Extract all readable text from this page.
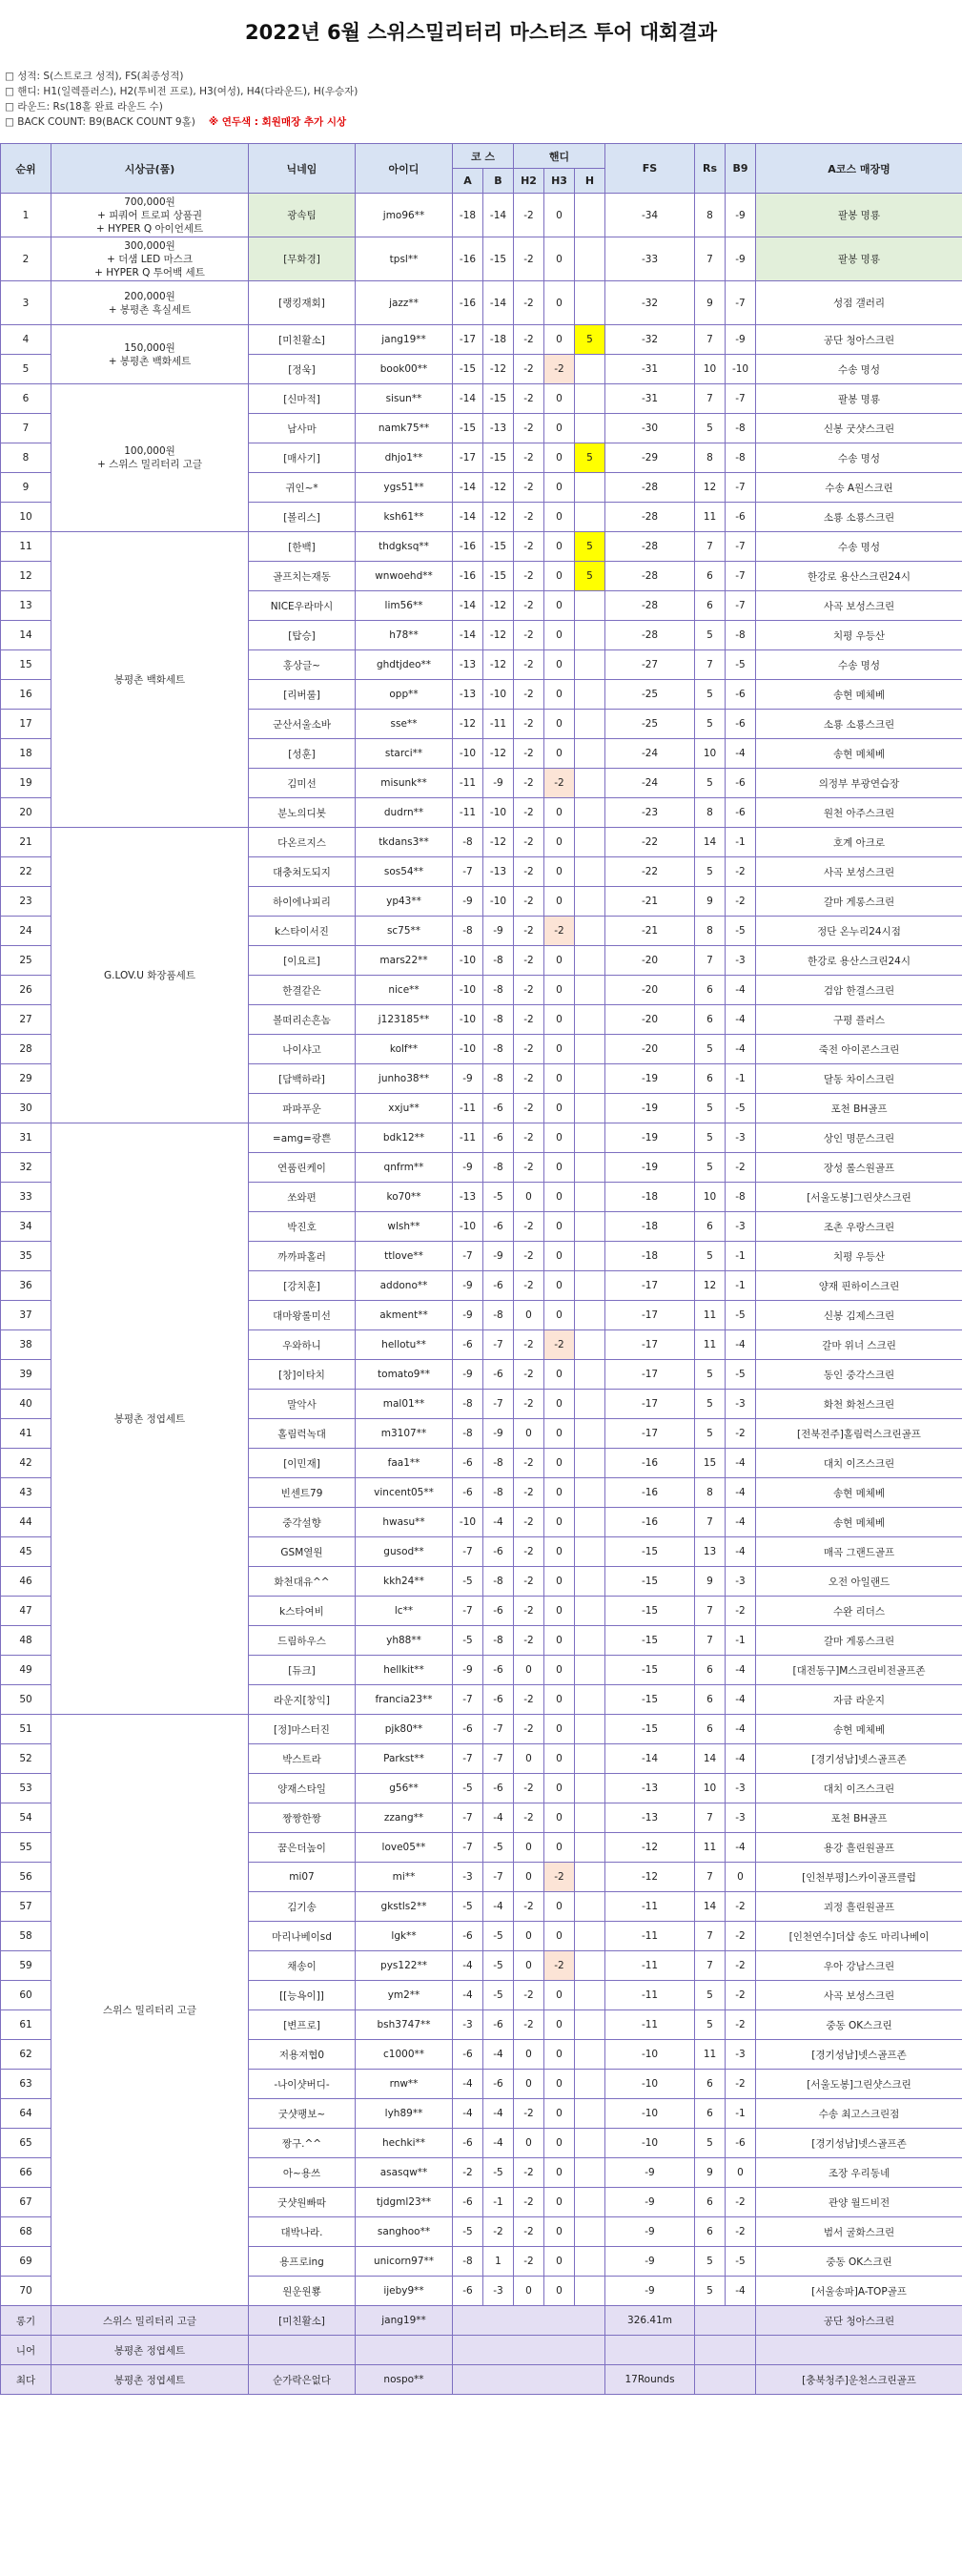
2022년 6월 스위스밀리터리 마스터즈 투어 대회결과
□ 성적: S(스트로크 성적), FS(최종성적)
□ 핸디: H1(일렉플러스), H2(투비전 프로), H3(여성), H4(다라운드), H(우승자)
□ 라운드: Rs(18홀 완료 라운드 수)
□ BACK COUNT: B9(BACK COUNT 9홀) ※ 연두색 : 회원매장 추가 시상
순위	시상금(품)	닉네임	아이디	코 스		핸디			FS	Rs	B9	A코스 매장명
				A	B	H2	H3	H				
1	700,000원
+ 피쿼어 트로피 상품권
+ HYPER Q 아이언세트	광속팀	jmo96**	-18	-14	-2	0		-34	8	-9	팔봉 명룡
2	300,000원
+ 더샘 LED 마스크
+ HYPER Q 투어백 세트	[무화경]	tpsl**	-16	-15	-2	0		-33	7	-9	팔봉 명룡
3	200,000원
+ 봉평촌 흑실세트	[랭킹재회]	jazz**	-16	-14	-2	0		-32	9	-7	성점 갤러리
4	150,000원
+ 봉평촌 백화세트	[미친활소]	jang19**	-17	-18	-2	0	5	-32	7	-9	공단 청아스크린
5		[정욱]	book00**	-15	-12	-2	-2		-31	10	-10	수송 명성
6	100,000원
+ 스위스 밀리터리 고글	[신마적]	sisun**	-14	-15	-2	0		-31	7	-7	팔봉 명룡
7		남사마	namk75**	-15	-13	-2	0		-30	5	-8	신봉 굿샷스크린
8		[매사기]	dhjo1**	-17	-15	-2	0	5	-29	8	-8	수송 명성
9		귀인~*	ygs51**	-14	-12	-2	0		-28	12	-7	수송 A원스크린
10		[볼리스]	ksh61**	-14	-12	-2	0		-28	11	-6	소룡 소룡스크린
11	봉평촌 백화세트	[한백]	thdgksq**	-16	-15	-2	0	5	-28	7	-7	수송 명성
12		골프치는재동	wnwoehd**	-16	-15	-2	0	5	-28	6	-7	한강로 용산스크린24시
13		NICE우라마시	lim56**	-14	-12	-2	0		-28	6	-7	사곡 보성스크린
14		[탑승]	h78**	-14	-12	-2	0		-28	5	-8	치평 우등산
15		홍상글~	ghdtjdeo**	-13	-12	-2	0		-27	7	-5	수송 명성
16		[리버룰]	opp**	-13	-10	-2	0		-25	5	-6	송현 메체베
17		군산서울소바	sse**	-12	-11	-2	0		-25	5	-6	소룡 소룡스크린
18		[성훈]	starci**	-10	-12	-2	0		-24	10	-4	송현 메체베
19		김미선	misunk**	-11	-9	-2	-2		-24	5	-6	의정부 부광연습장
20		분노의디봇	dudrn**	-11	-10	-2	0		-23	8	-6	원천 아주스크린
21	G.LOV.U 화장품세트	다온르지스	tkdans3**	-8	-12	-2	0		-22	14	-1	호계 아크로
22		대충쳐도되지	sos54**	-7	-13	-2	0		-22	5	-2	사곡 보성스크린
23		하이에나피리	yp43**	-9	-10	-2	0		-21	9	-2	갈마 게롱스크린
24		k스타이서진	sc75**	-8	-9	-2	-2		-21	8	-5	정단 온누리24시점
25		[이요르]	mars22**	-10	-8	-2	0		-20	7	-3	한강로 용산스크린24시
26		한결같은	nice**	-10	-8	-2	0		-20	6	-4	검암 한결스크린
27		볼떠리손흔놈	j123185**	-10	-8	-2	0		-20	6	-4	구평 플러스
28		나이샤고	kolf**	-10	-8	-2	0		-20	5	-4	죽전 아이콘스크린
29		[담백하라]	junho38**	-9	-8	-2	0		-19	6	-1	달동 차이스크린
30		파파푸운	xxju**	-11	-6	-2	0		-19	5	-5	포천 BH골프
31	봉평촌 정엽세트	=amg=광쁜	bdk12**	-11	-6	-2	0		-19	5	-3	상인 명문스크린
32		연품린케이	qnfrm**	-9	-8	-2	0		-19	5	-2	장성 롤스원골프
33		쏘와편	ko70**	-13	-5	0	0		-18	10	-8	[서울도봉]그린샷스크린
34		박진호	wlsh**	-10	-6	-2	0		-18	6	-3	조촌 우랑스크린
35		까까파홀러	ttlove**	-7	-9	-2	0		-18	5	-1	치평 우등산
36		[강치훈]	addono**	-9	-6	-2	0		-17	12	-1	양재 핀하이스크린
37		대마왕롤미선	akment**	-9	-8	0	0		-17	11	-5	신봉 김제스크린
38		우와하니	hellotu**	-6	-7	-2	-2		-17	11	-4	갈마 위너 스크린
39		[창]이타치	tomato9**	-9	-6	-2	0		-17	5	-5	동인 중각스크린
40		말악사	mal01**	-8	-7	-2	0		-17	5	-3	화천 화천스크린
41		홀림럭녹대	m3107**	-8	-9	0	0		-17	5	-2	[전북전주]홀림럭스크린골프
42		[이민재]	faa1**	-6	-8	-2	0		-16	15	-4	대치 이즈스크린
43		빈센트79	vincent05**	-6	-8	-2	0		-16	8	-4	송현 메체베
44		중각설향	hwasu**	-10	-4	-2	0		-16	7	-4	송현 메체베
45		GSM열원	gusod**	-7	-6	-2	0		-15	13	-4	매곡 그랜드골프
46		화천대유^^	kkh24**	-5	-8	-2	0		-15	9	-3	오전 아일랜드
47		k스타여비	lc**	-7	-6	-2	0		-15	7	-2	수완 리더스
48		드림하우스	yh88**	-5	-8	-2	0		-15	7	-1	갈마 게롱스크린
49		[듀크]	hellkit**	-9	-6	0	0		-15	6	-4	[대전동구]M스크린비전골프존
50		라운지[창익]	francia23**	-7	-6	-2	0		-15	6	-4	자금 라운지
51	스위스 밀리터리 고글	[정]마스터진	pjk80**	-6	-7	-2	0		-15	6	-4	송현 메체베
52		박스트라	Parkst**	-7	-7	0	0		-14	14	-4	[경기성남]넷스골프존
53		양재스타일	g56**	-5	-6	-2	0		-13	10	-3	대치 이즈스크린
54		짱짱한짱	zzang**	-7	-4	-2	0		-13	7	-3	포천 BH골프
55		꿈은더높이	love05**	-7	-5	0	0		-12	11	-4	용강 흘린원골프
56		mi07	mi**	-3	-7	0	-2		-12	7	0	[인천부평]스카이골프클럽
57		김기송	gkstls2**	-5	-4	-2	0		-11	14	-2	괴정 흘린원골프
58		마리나베이sd	lgk**	-6	-5	0	0		-11	7	-2	[인천연수]더샵 송도 마리나베이
59		채송이	pys122**	-4	-5	0	-2		-11	7	-2	우아 강남스크린
60		[[능욕이]]	ym2**	-4	-5	-2	0		-11	5	-2	사곡 보성스크린
61		[변프로]	bsh3747**	-3	-6	-2	0		-11	5	-2	중동 OK스크린
62		저용져협0	c1000**	-6	-4	0	0		-10	11	-3	[경기성남]넷스골프존
63		-나이샷버디-	rnw**	-4	-6	0	0		-10	6	-2	[서울도봉]그린샷스크린
64		굿샷팽보~	lyh89**	-4	-4	-2	0		-10	6	-1	수송 최고스크린점
65		짱구.^^	hechki**	-6	-4	0	0		-10	5	-6	[경기성남]넷스골프존
66		아~용쓰	asasqw**	-2	-5	-2	0		-9	9	0	조장 우리동네
67		굿샷원빠따	tjdgml23**	-6	-1	-2	0		-9	6	-2	관양 월드비전
68		대박나라.	sanghoo**	-5	-2	-2	0		-9	6	-2	범서 굴화스크린
69		용프로ing	unicorn97**	-8	1	-2	0		-9	5	-5	중동 OK스크린
70		원운원뿅	ijeby9**	-6	-3	0	0		-9	5	-4	[서울송파]A-TOP골프
롱기	스위스 밀리터리 고글	[미친활소]	jang19**						326.41m			공단 청아스크린
니어	봉평촌 정엽세트											
최다	봉평촌 정엽세트	순가락은없다	nospo**						17Rounds			[충북청주]운천스크린골프
